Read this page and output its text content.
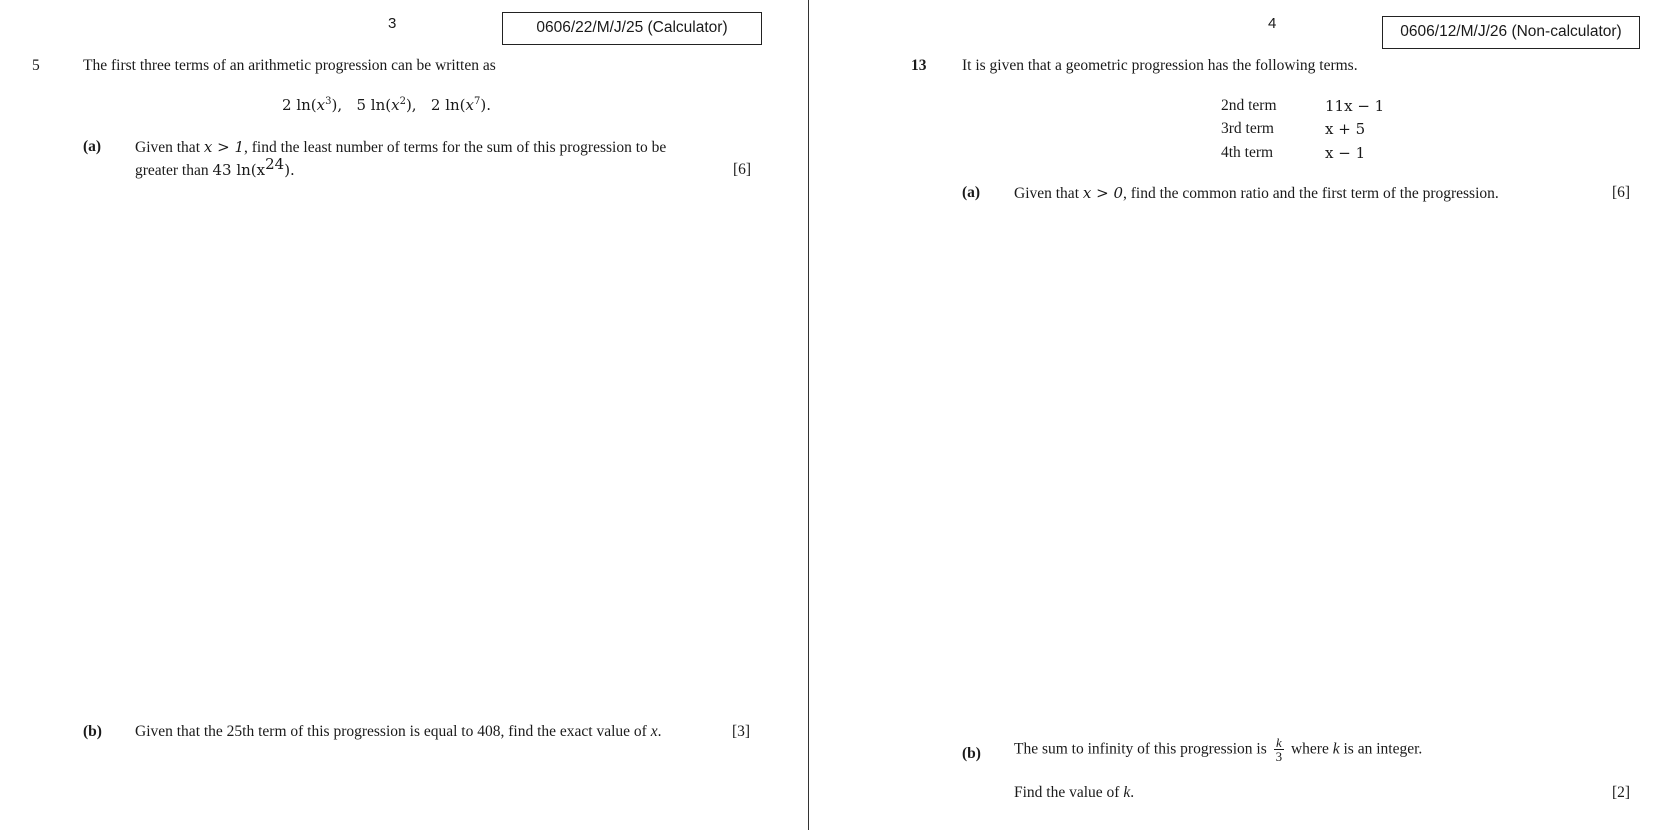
3	0606/22/M/J/25 (Calculator)
5	The first three terms of an arithmetic progression can be written as
2 $\ln(x^3)$,   5 $\ln(x^2)$,   2 $\ln(x^7)$.
(a) Given that x > 1, find the least number of terms for the sum of this progression to be
greater than 43 $\ln(x^{24})$.	[6]
(b) Given that the 25th term of this progression is equal to 408, find the exact value of x.	[3]
4	0606/12/M/J/26 (Non-calculator)
13 It is given that a geometric progression has the following terms.
2nd term	11x − 1
3rd term	x + 5
4th term	x − 1
(a) Given that x > 0, find the common ratio and the first term of the progression.	[6]
(b) The sum to infinity of this progression is $\frac{k}{3}$ where k is an integer.
Find the value of k.	[2]
